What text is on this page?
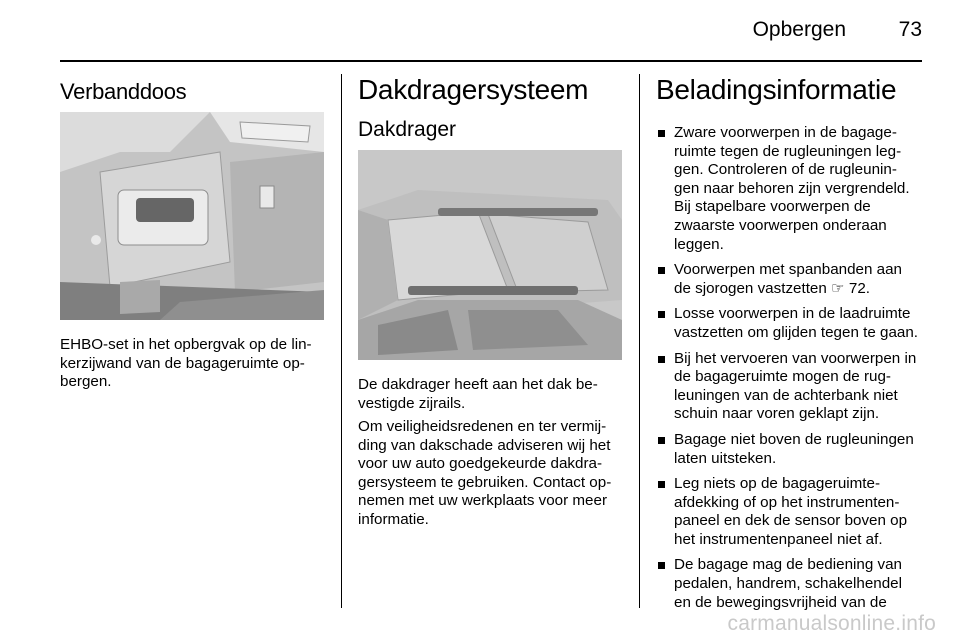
Opbergen	73
Verbanddoos

EHBO-set in het opbergvak op de lin-kerzijwand van de bagageruimte op-bergen.

Dakdragersysteem
Dakdrager

De dakdrager heeft aan het dak be-vestigde zijrails.

Om veiligheidsredenen en ter vermij-ding van dakschade adviseren wij het voor uw auto goedgekeurde dakdra-gersysteem te gebruiken. Contact op-nemen met uw werkplaats voor meer informatie.

Beladingsinformatie
Zware voorwerpen in de bagage-ruimte tegen de rugleuningen leg-gen. Controleren of de rugleunin-gen naar behoren zijn vergrendeld. Bij stapelbare voorwerpen de zwaarste voorwerpen onderaan leggen.
Voorwerpen met spanbanden aan de sjorogen vastzetten ☞ 72.
Losse voorwerpen in de laadruimte vastzetten om glijden tegen te gaan.
Bij het vervoeren van voorwerpen in de bagageruimte mogen de rug-leuningen van de achterbank niet schuin naar voren geklapt zijn.
Bagage niet boven de rugleuningen laten uitsteken.
Leg niets op de bagageruimte-afdekking of op het instrumenten-paneel en dek de sensor boven op het instrumentenpaneel niet af.
De bagage mag de bediening van pedalen, handrem, schakelhendel en de bewegingsvrijheid van de
carmanualsonline.info
